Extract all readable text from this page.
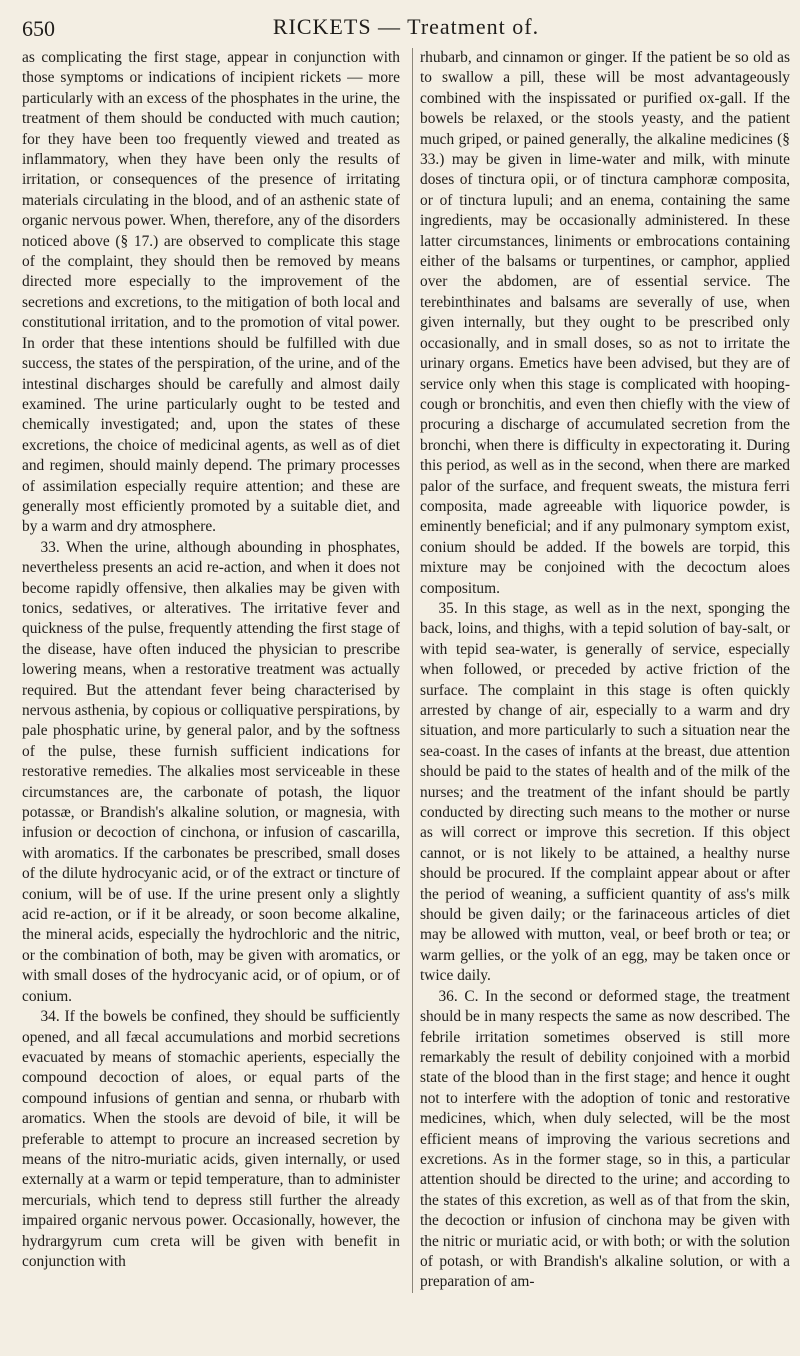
650	RICKETS — Treatment of.

as complicating the first stage, appear in conjunction with those symptoms or indications of incipient rickets — more particularly with an excess of the phosphates in the urine, the treatment of them should be conducted with much caution; for they have been too frequently viewed and treated as inflammatory, when they have been only the results of irritation, or consequences of the presence of irritating materials circulating in the blood, and of an asthenic state of organic nervous power. When, therefore, any of the disorders noticed above (§ 17.) are observed to complicate this stage of the complaint, they should then be removed by means directed more especially to the improvement of the secretions and excretions, to the mitigation of both local and constitutional irritation, and to the promotion of vital power. In order that these intentions should be fulfilled with due success, the states of the perspiration, of the urine, and of the intestinal discharges should be carefully and almost daily examined. The urine particularly ought to be tested and chemically investigated; and, upon the states of these excretions, the choice of medicinal agents, as well as of diet and regimen, should mainly depend. The primary processes of assimilation especially require attention; and these are generally most efficiently promoted by a suitable diet, and by a warm and dry atmosphere.

33. When the urine, although abounding in phosphates, nevertheless presents an acid re-action, and when it does not become rapidly offensive, then alkalies may be given with tonics, sedatives, or alteratives. The irritative fever and quickness of the pulse, frequently attending the first stage of the disease, have often induced the physician to prescribe lowering means, when a restorative treatment was actually required. But the attendant fever being characterised by nervous asthenia, by copious or colliquative perspirations, by pale phosphatic urine, by general palor, and by the softness of the pulse, these furnish sufficient indications for restorative remedies. The alkalies most serviceable in these circumstances are, the carbonate of potash, the liquor potassæ, or Brandish's alkaline solution, or magnesia, with infusion or decoction of cinchona, or infusion of cascarilla, with aromatics. If the carbonates be prescribed, small doses of the dilute hydrocyanic acid, or of the extract or tincture of conium, will be of use. If the urine present only a slightly acid re-action, or if it be already, or soon become alkaline, the mineral acids, especially the hydrochloric and the nitric, or the combination of both, may be given with aromatics, or with small doses of the hydrocyanic acid, or of opium, or of conium.

34. If the bowels be confined, they should be sufficiently opened, and all fæcal accumulations and morbid secretions evacuated by means of stomachic aperients, especially the compound decoction of aloes, or equal parts of the compound infusions of gentian and senna, or rhubarb with aromatics. When the stools are devoid of bile, it will be preferable to attempt to procure an increased secretion by means of the nitro-muriatic acids, given internally, or used externally at a warm or tepid temperature, than to administer mercurials, which tend to depress still further the already impaired organic nervous power. Occasionally, however, the hydrargyrum cum creta will be given with benefit in conjunction with

rhubarb, and cinnamon or ginger. If the patient be so old as to swallow a pill, these will be most advantageously combined with the inspissated or purified ox-gall. If the bowels be relaxed, or the stools yeasty, and the patient much griped, or pained generally, the alkaline medicines (§ 33.) may be given in lime-water and milk, with minute doses of tinctura opii, or of tinctura camphoræ composita, or of tinctura lupuli; and an enema, containing the same ingredients, may be occasionally administered. In these latter circumstances, liniments or embrocations containing either of the balsams or turpentines, or camphor, applied over the abdomen, are of essential service. The terebinthinates and balsams are severally of use, when given internally, but they ought to be prescribed only occasionally, and in small doses, so as not to irritate the urinary organs. Emetics have been advised, but they are of service only when this stage is complicated with hooping-cough or bronchitis, and even then chiefly with the view of procuring a discharge of accumulated secretion from the bronchi, when there is difficulty in expectorating it. During this period, as well as in the second, when there are marked palor of the surface, and frequent sweats, the mistura ferri composita, made agreeable with liquorice powder, is eminently beneficial; and if any pulmonary symptom exist, conium should be added. If the bowels are torpid, this mixture may be conjoined with the decoctum aloes compositum.

35. In this stage, as well as in the next, sponging the back, loins, and thighs, with a tepid solution of bay-salt, or with tepid sea-water, is generally of service, especially when followed, or preceded by active friction of the surface. The complaint in this stage is often quickly arrested by change of air, especially to a warm and dry situation, and more particularly to such a situation near the sea-coast. In the cases of infants at the breast, due attention should be paid to the states of health and of the milk of the nurses; and the treatment of the infant should be partly conducted by directing such means to the mother or nurse as will correct or improve this secretion. If this object cannot, or is not likely to be attained, a healthy nurse should be procured. If the complaint appear about or after the period of weaning, a sufficient quantity of ass's milk should be given daily; or the farinaceous articles of diet may be allowed with mutton, veal, or beef broth or tea; or warm gellies, or the yolk of an egg, may be taken once or twice daily.

36. C. In the second or deformed stage, the treatment should be in many respects the same as now described. The febrile irritation sometimes observed is still more remarkably the result of debility conjoined with a morbid state of the blood than in the first stage; and hence it ought not to interfere with the adoption of tonic and restorative medicines, which, when duly selected, will be the most efficient means of improving the various secretions and excretions. As in the former stage, so in this, a particular attention should be directed to the urine; and according to the states of this excretion, as well as of that from the skin, the decoction or infusion of cinchona may be given with the nitric or muriatic acid, or with both; or with the solution of potash, or with Brandish's alkaline solution, or with a preparation of am-
